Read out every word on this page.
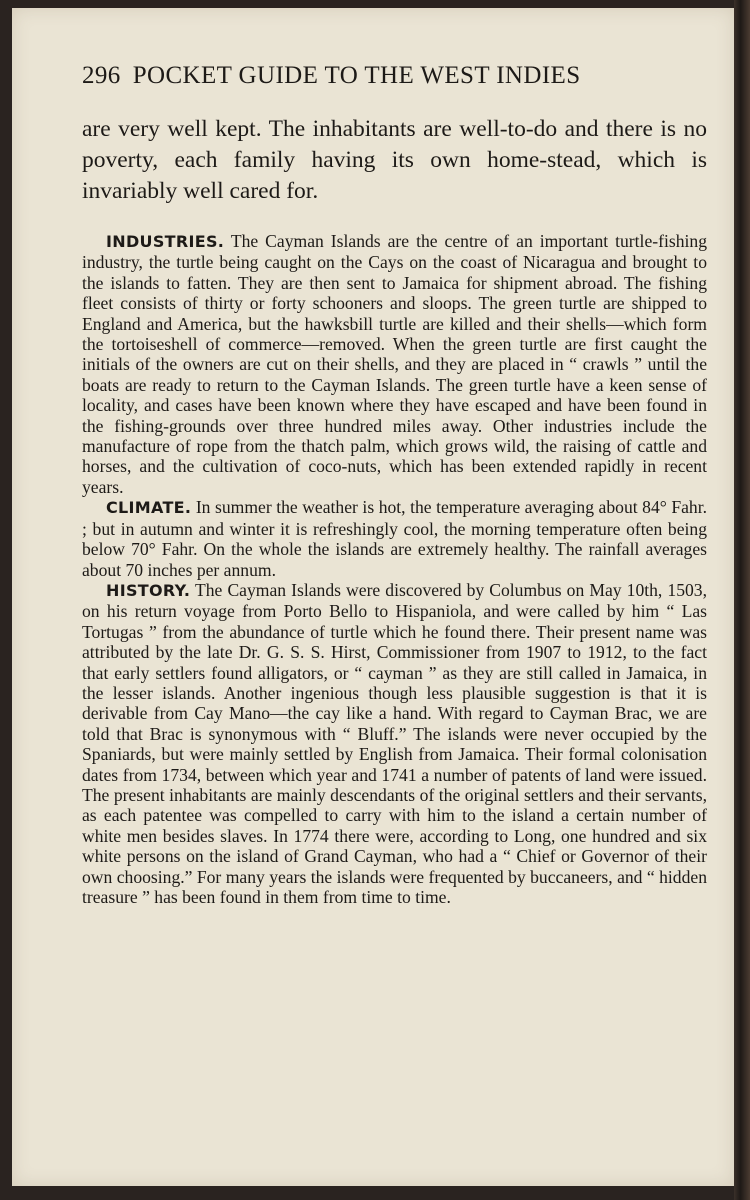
296 POCKET GUIDE TO THE WEST INDIES

are very well kept. The inhabitants are well-to-do and there is no poverty, each family having its own home-stead, which is invariably well cared for.

INDUSTRIES. The Cayman Islands are the centre of an important turtle-fishing industry, the turtle being caught on the Cays on the coast of Nicaragua and brought to the islands to fatten. They are then sent to Jamaica for shipment abroad. The fishing fleet consists of thirty or forty schooners and sloops. The green turtle are shipped to England and America, but the hawksbill turtle are killed and their shells—which form the tortoiseshell of commerce—removed. When the green turtle are first caught the initials of the owners are cut on their shells, and they are placed in “ crawls ” until the boats are ready to return to the Cayman Islands. The green turtle have a keen sense of locality, and cases have been known where they have escaped and have been found in the fishing-grounds over three hundred miles away. Other industries include the manufacture of rope from the thatch palm, which grows wild, the raising of cattle and horses, and the cultivation of coco-nuts, which has been extended rapidly in recent years.

CLIMATE. In summer the weather is hot, the temperature averaging about 84° Fahr. ; but in autumn and winter it is refreshingly cool, the morning temperature often being below 70° Fahr. On the whole the islands are extremely healthy. The rainfall averages about 70 inches per annum.

HISTORY. The Cayman Islands were discovered by Columbus on May 10th, 1503, on his return voyage from Porto Bello to Hispaniola, and were called by him “ Las Tortugas ” from the abundance of turtle which he found there. Their present name was attributed by the late Dr. G. S. S. Hirst, Commissioner from 1907 to 1912, to the fact that early settlers found alligators, or “ cayman ” as they are still called in Jamaica, in the lesser islands. Another ingenious though less plausible suggestion is that it is derivable from Cay Mano—the cay like a hand. With regard to Cayman Brac, we are told that Brac is synonymous with “ Bluff.” The islands were never occupied by the Spaniards, but were mainly settled by English from Jamaica. Their formal colonisation dates from 1734, between which year and 1741 a number of patents of land were issued. The present inhabitants are mainly descendants of the original settlers and their servants, as each patentee was compelled to carry with him to the island a certain number of white men besides slaves. In 1774 there were, according to Long, one hundred and six white persons on the island of Grand Cayman, who had a “ Chief or Governor of their own choosing.” For many years the islands were frequented by buccaneers, and “ hidden treasure ” has been found in them from time to time.
